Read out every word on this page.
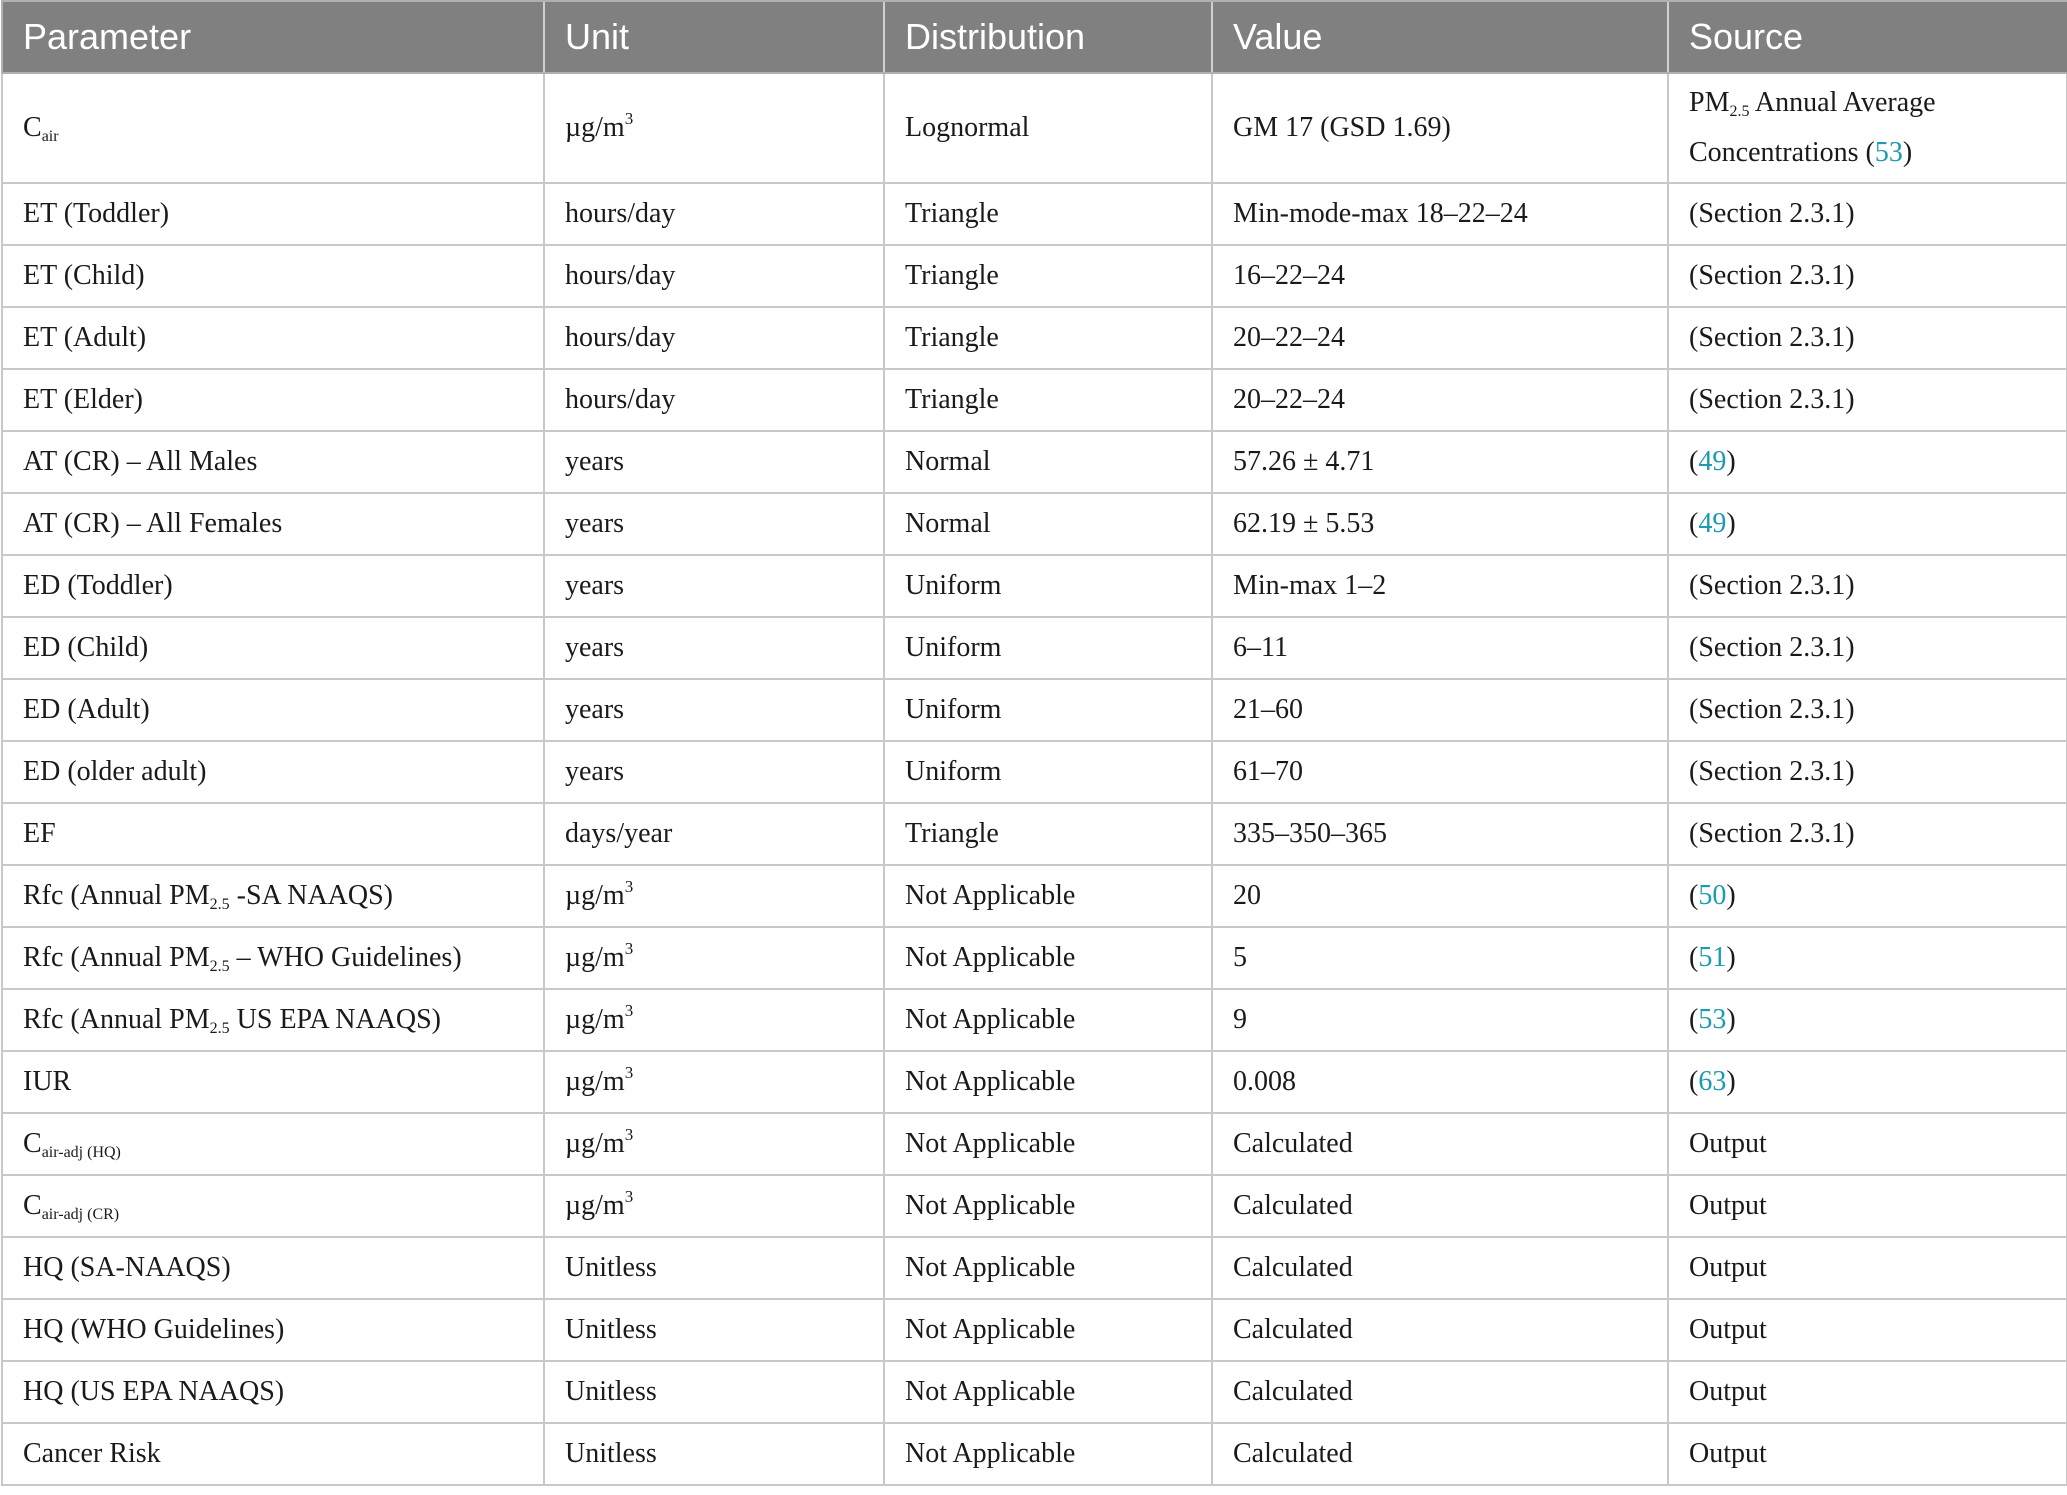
Parameter	Unit	Distribution	Value	Source
$C_{air}$	$\mu g/m^3$	Lognormal	GM 17 (GSD 1.69)	$PM_{2.5}$ Annual Average
Concentrations (53)
ET (Toddler)	hours/day	Triangle	Min-mode-max 18–22–24	(Section 2.3.1)
ET (Child)	hours/day	Triangle	16–22–24	(Section 2.3.1)
ET (Adult)	hours/day	Triangle	20–22–24	(Section 2.3.1)
ET (Elder)	hours/day	Triangle	20–22–24	(Section 2.3.1)
AT (CR) – All Males	years	Normal	57.26 ± 4.71	(49)
AT (CR) – All Females	years	Normal	62.19 ± 5.53	(49)
ED (Toddler)	years	Uniform	Min-max 1–2	(Section 2.3.1)
ED (Child)	years	Uniform	6–11	(Section 2.3.1)
ED (Adult)	years	Uniform	21–60	(Section 2.3.1)
ED (older adult)	years	Uniform	61–70	(Section 2.3.1)
EF	days/year	Triangle	335–350–365	(Section 2.3.1)
Rfc (Annual $PM_{2.5}$ -SA NAAQS)	$\mu g/m^3$	Not Applicable	20	(50)
Rfc (Annual $PM_{2.5}$ – WHO Guidelines)	$\mu g/m^3$	Not Applicable	5	(51)
Rfc (Annual $PM_{2.5}$ US EPA NAAQS)	$\mu g/m^3$	Not Applicable	9	(53)
IUR	$\mu g/m^3$	Not Applicable	0.008	(63)
$C_{air-adj (HQ)}$	$\mu g/m^3$	Not Applicable	Calculated	Output
$C_{air-adj (CR)}$	$\mu g/m^3$	Not Applicable	Calculated	Output
HQ (SA-NAAQS)	Unitless	Not Applicable	Calculated	Output
HQ (WHO Guidelines)	Unitless	Not Applicable	Calculated	Output
HQ (US EPA NAAQS)	Unitless	Not Applicable	Calculated	Output
Cancer Risk	Unitless	Not Applicable	Calculated	Output
